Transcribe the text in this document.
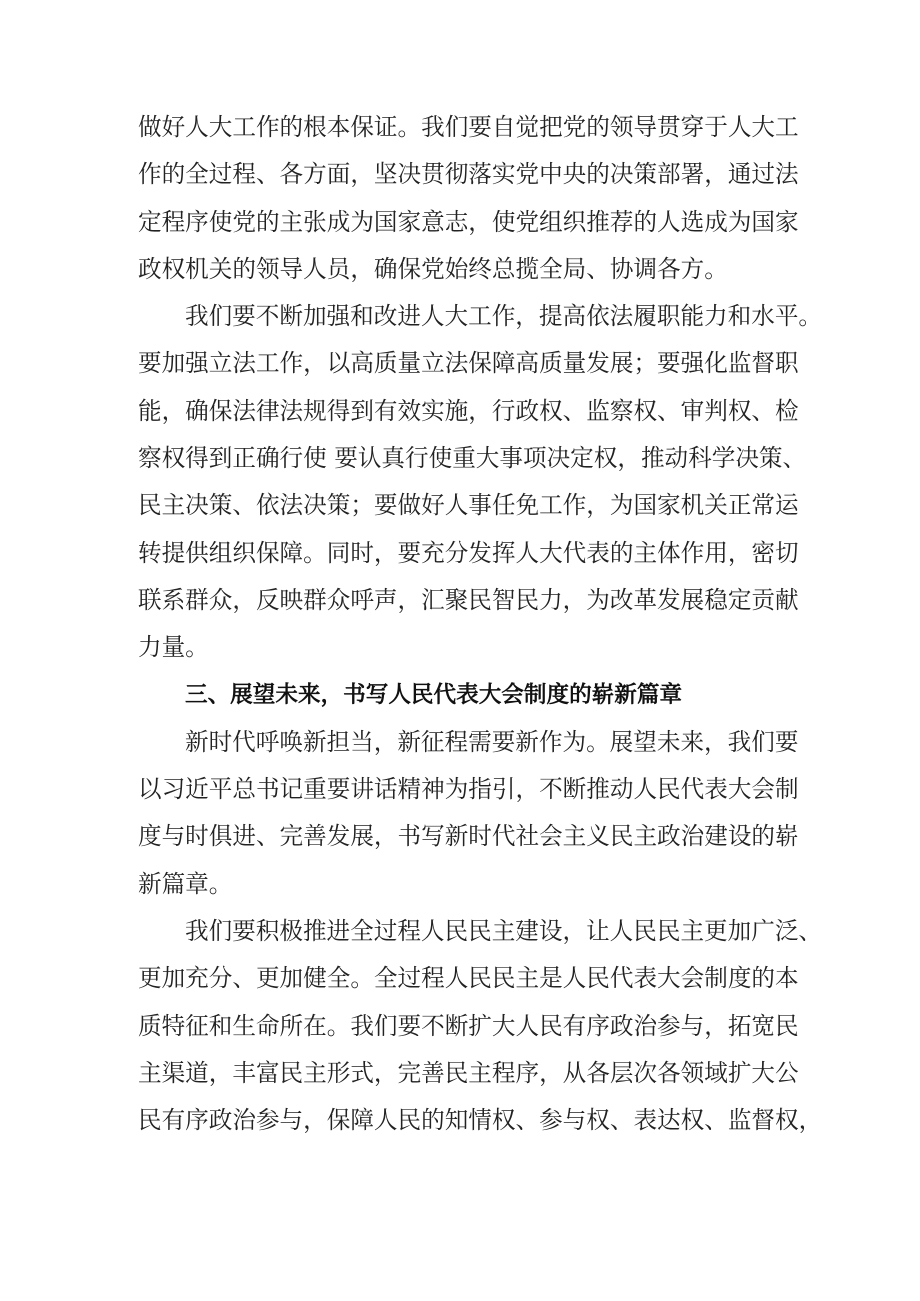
做好人大工作的根本保证。我们要自觉把党的领导贯穿于人大工
作的全过程、各方面，坚决贯彻落实党中央的决策部署，通过法
定程序使党的主张成为国家意志，使党组织推荐的人选成为国家
政权机关的领导人员，确保党始终总揽全局、协调各方。
我们要不断加强和改进人大工作，提高依法履职能力和水平。
要加强立法工作，以高质量立法保障高质量发展；要强化监督职
能，确保法律法规得到有效实施，行政权、监察权、审判权、检
察权得到正确行使 要认真行使重大事项决定权，推动科学决策、
民主决策、依法决策；要做好人事任免工作，为国家机关正常运
转提供组织保障。同时，要充分发挥人大代表的主体作用，密切
联系群众，反映群众呼声，汇聚民智民力，为改革发展稳定贡献
力量。
三、展望未来，书写人民代表大会制度的崭新篇章
新时代呼唤新担当，新征程需要新作为。展望未来，我们要
以习近平总书记重要讲话精神为指引，不断推动人民代表大会制
度与时俱进、完善发展，书写新时代社会主义民主政治建设的崭
新篇章。
我们要积极推进全过程人民民主建设，让人民民主更加广泛、
更加充分、更加健全。全过程人民民主是人民代表大会制度的本
质特征和生命所在。我们要不断扩大人民有序政治参与，拓宽民
主渠道，丰富民主形式，完善民主程序，从各层次各领域扩大公
民有序政治参与，保障人民的知情权、参与权、表达权、监督权，
